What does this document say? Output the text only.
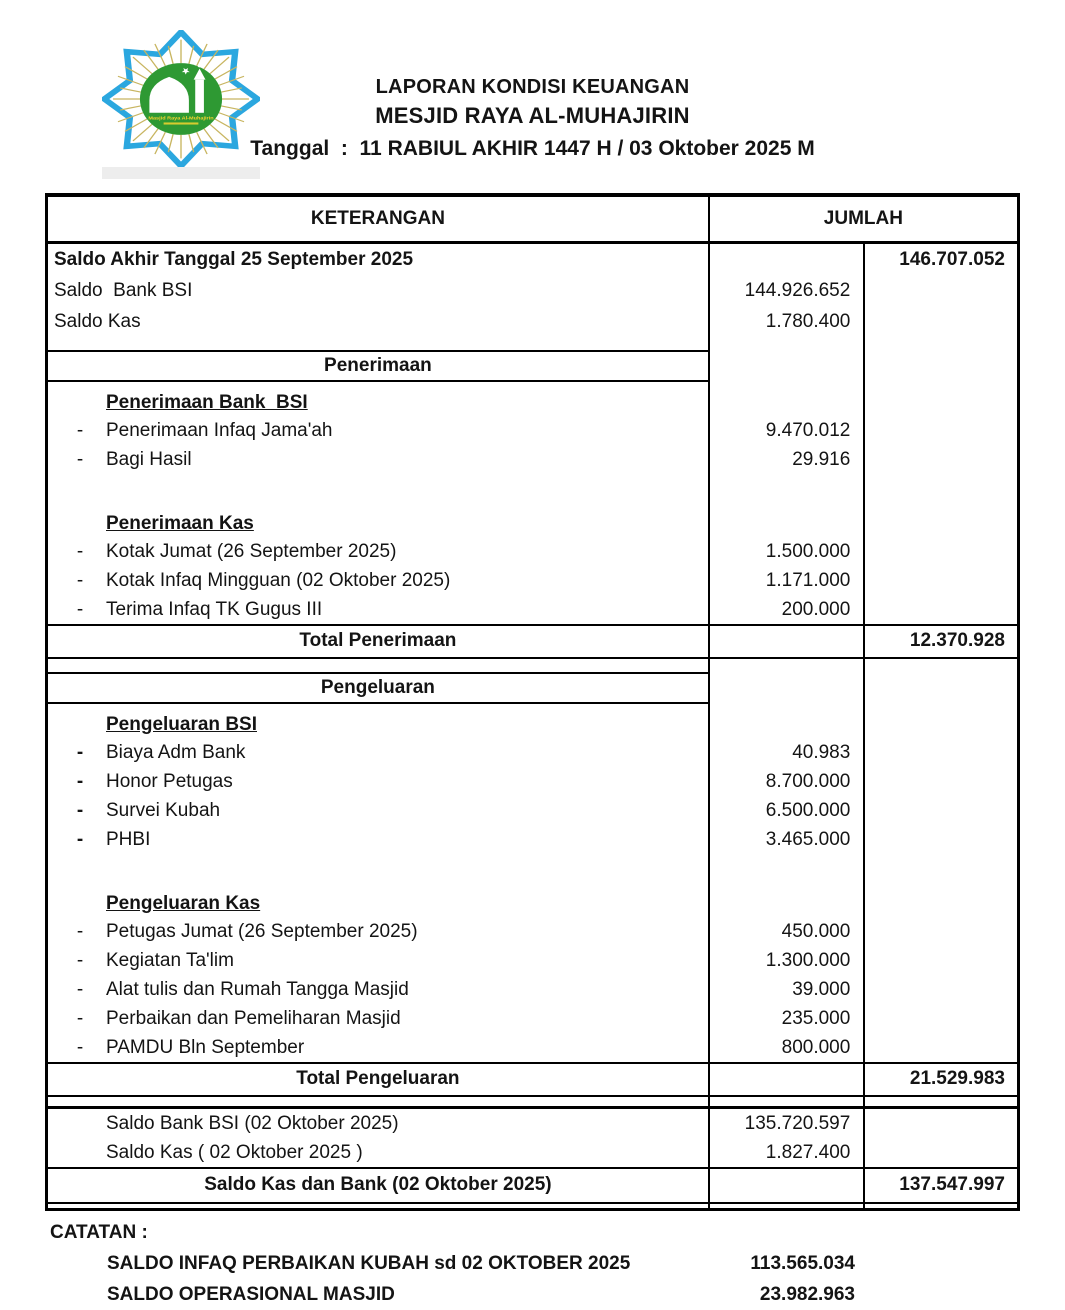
dkm
Masjid Raya Al-Muhajirin
LAPORAN KONDISI KEUANGAN
MESJID RAYA AL-MUHAJIRIN
Tanggal  :  11 RABIUL AKHIR 1447 H / 03 Oktober 2025 M
KETERANGAN	JUMLAH
Saldo Akhir Tanggal 25 September 2025	146.707.052
Saldo  Bank BSI	144.926.652
Saldo Kas	1.780.400
Penerimaan
Penerimaan Bank  BSI
- Penerimaan Infaq Jama'ah	9.470.012
- Bagi Hasil	29.916
Penerimaan Kas
- Kotak Jumat (26 September 2025)	1.500.000
- Kotak Infaq Mingguan (02 Oktober 2025)	1.171.000
- Terima Infaq TK Gugus III	200.000
Total Penerimaan	12.370.928
Pengeluaran
Pengeluaran BSI
- Biaya Adm Bank	40.983
- Honor Petugas	8.700.000
- Survei Kubah	6.500.000
- PHBI	3.465.000
Pengeluaran Kas
- Petugas Jumat (26 September 2025)	450.000
- Kegiatan Ta'lim	1.300.000
- Alat tulis dan Rumah Tangga Masjid	39.000
- Perbaikan dan Pemeliharan Masjid	235.000
- PAMDU Bln September	800.000
Total Pengeluaran	21.529.983
Saldo Bank BSI (02 Oktober 2025)	135.720.597
Saldo Kas ( 02 Oktober 2025 )	1.827.400
Saldo Kas dan Bank (02 Oktober 2025)	137.547.997
CATATAN :
SALDO INFAQ PERBAIKAN KUBAH sd 02 OKTOBER 2025	113.565.034
SALDO OPERASIONAL MASJID	23.982.963
